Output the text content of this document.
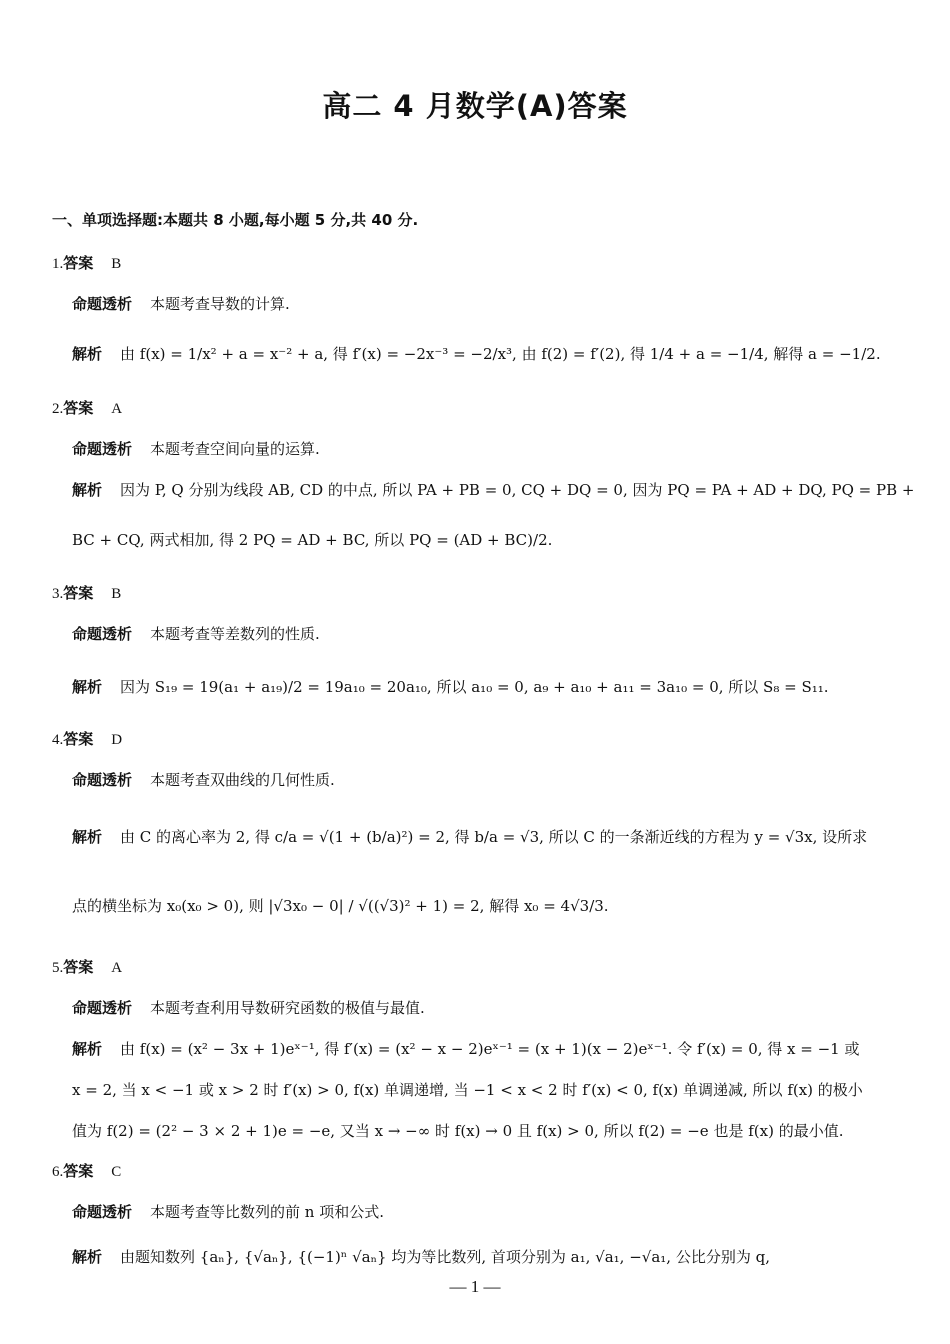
高二 4 月数学(A)答案
一、单项选择题:本题共 8 小题,每小题 5 分,共 40 分.
1.答案 B
命题透析 本题考查导数的计算.
解析 由 f(x) = 1/x² + a = x⁻² + a, 得 f′(x) = −2x⁻³ = −2/x³, 由 f(2) = f′(2), 得 1/4 + a = −1/4, 解得 a = −1/2.
2.答案 A
命题透析 本题考查空间向量的运算.
解析 因为 P, Q 分别为线段 AB, CD 的中点, 所以 PA + PB = 0, CQ + DQ = 0, 因为 PQ = PA + AD + DQ, PQ = PB +
BC + CQ, 两式相加, 得 2 PQ = AD + BC, 所以 PQ = (AD + BC)/2.
3.答案 B
命题透析 本题考查等差数列的性质.
解析 因为 S₁₉ = 19(a₁ + a₁₉)/2 = 19a₁₀ = 20a₁₀, 所以 a₁₀ = 0, a₉ + a₁₀ + a₁₁ = 3a₁₀ = 0, 所以 S₈ = S₁₁.
4.答案 D
命题透析 本题考查双曲线的几何性质.
解析 由 C 的离心率为 2, 得 c/a = √(1 + (b/a)²) = 2, 得 b/a = √3, 所以 C 的一条渐近线的方程为 y = √3x, 设所求
点的横坐标为 x₀(x₀ > 0), 则 |√3x₀ − 0| / √((√3)² + 1) = 2, 解得 x₀ = 4√3/3.
5.答案 A
命题透析 本题考查利用导数研究函数的极值与最值.
解析 由 f(x) = (x² − 3x + 1)eˣ⁻¹, 得 f′(x) = (x² − x − 2)eˣ⁻¹ = (x + 1)(x − 2)eˣ⁻¹. 令 f′(x) = 0, 得 x = −1 或
x = 2, 当 x < −1 或 x > 2 时 f′(x) > 0, f(x) 单调递增, 当 −1 < x < 2 时 f′(x) < 0, f(x) 单调递减, 所以 f(x) 的极小
值为 f(2) = (2² − 3 × 2 + 1)e = −e, 又当 x → −∞ 时 f(x) → 0 且 f(x) > 0, 所以 f(2) = −e 也是 f(x) 的最小值.
6.答案 C
命题透析 本题考查等比数列的前 n 项和公式.
解析 由题知数列 {aₙ}, {√aₙ}, {(−1)ⁿ √aₙ} 均为等比数列, 首项分别为 a₁, √a₁, −√a₁, 公比分别为 q,
— 1 —
